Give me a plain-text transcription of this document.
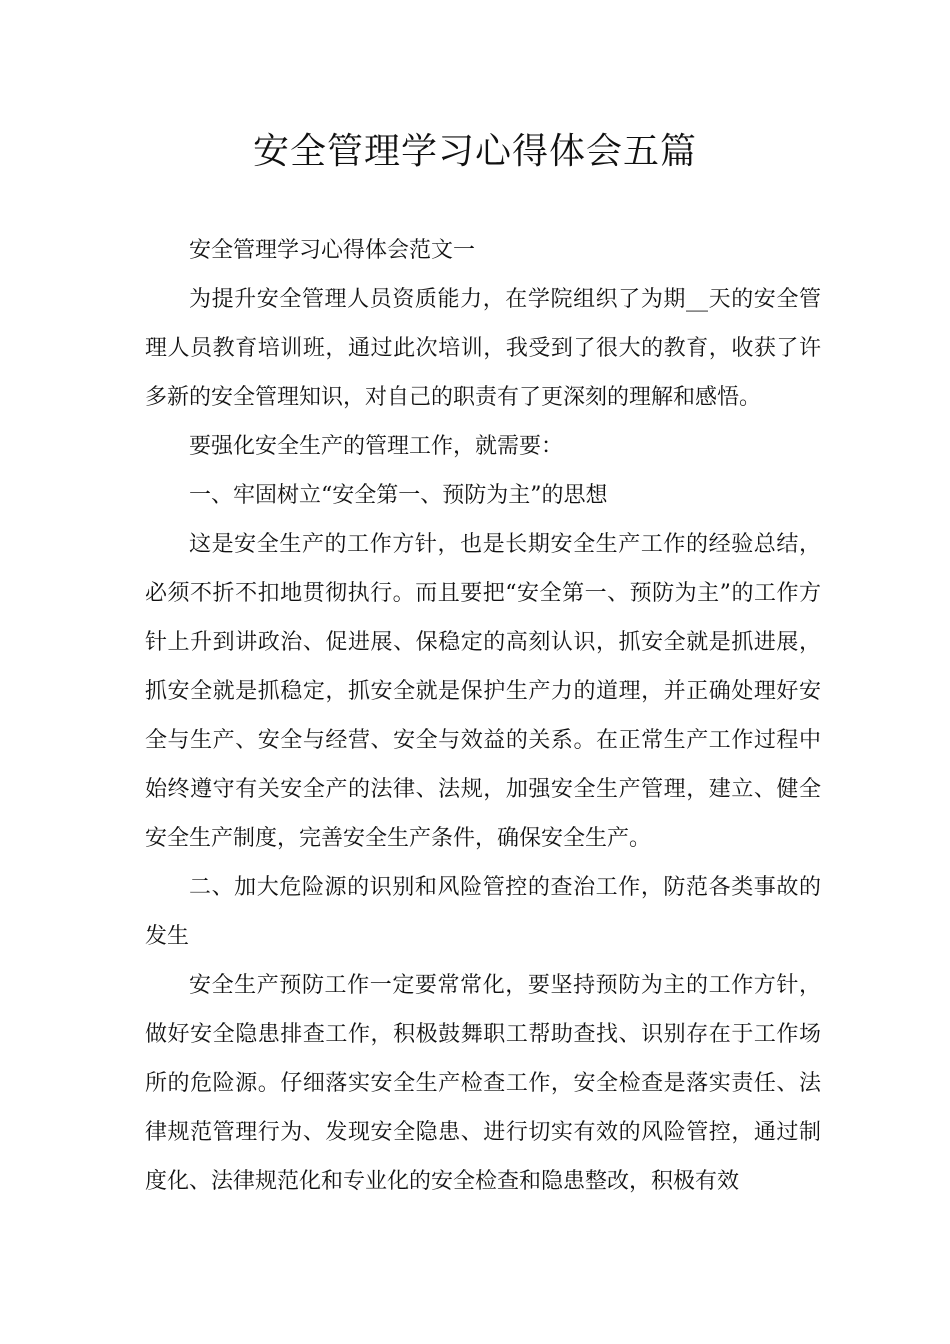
安全管理学习心得体会五篇

安全管理学习心得体会范文一

为提升安全管理人员资质能力，在学院组织了为期__天的安全管理人员教育培训班，通过此次培训，我受到了很大的教育，收获了许多新的安全管理知识，对自己的职责有了更深刻的理解和感悟。

要强化安全生产的管理工作，就需要：

一、牢固树立“安全第一、预防为主”的思想

这是安全生产的工作方针，也是长期安全生产工作的经验总结，必须不折不扣地贯彻执行。而且要把“安全第一、预防为主”的工作方针上升到讲政治、促进展、保稳定的高刻认识，抓安全就是抓进展，抓安全就是抓稳定，抓安全就是保护生产力的道理，并正确处理好安全与生产、安全与经营、安全与效益的关系。在正常生产工作过程中始终遵守有关安全产的法律、法规，加强安全生产管理，建立、健全安全生产制度，完善安全生产条件，确保安全生产。

二、加大危险源的识别和风险管控的查治工作，防范各类事故的发生

安全生产预防工作一定要常常化，要坚持预防为主的工作方针，做好安全隐患排查工作，积极鼓舞职工帮助查找、识别存在于工作场所的危险源。仔细落实安全生产检查工作，安全检查是落实责任、法律规范管理行为、发现安全隐患、进行切实有效的风险管控，通过制度化、法律规范化和专业化的安全检查和隐患整改，积极有效
